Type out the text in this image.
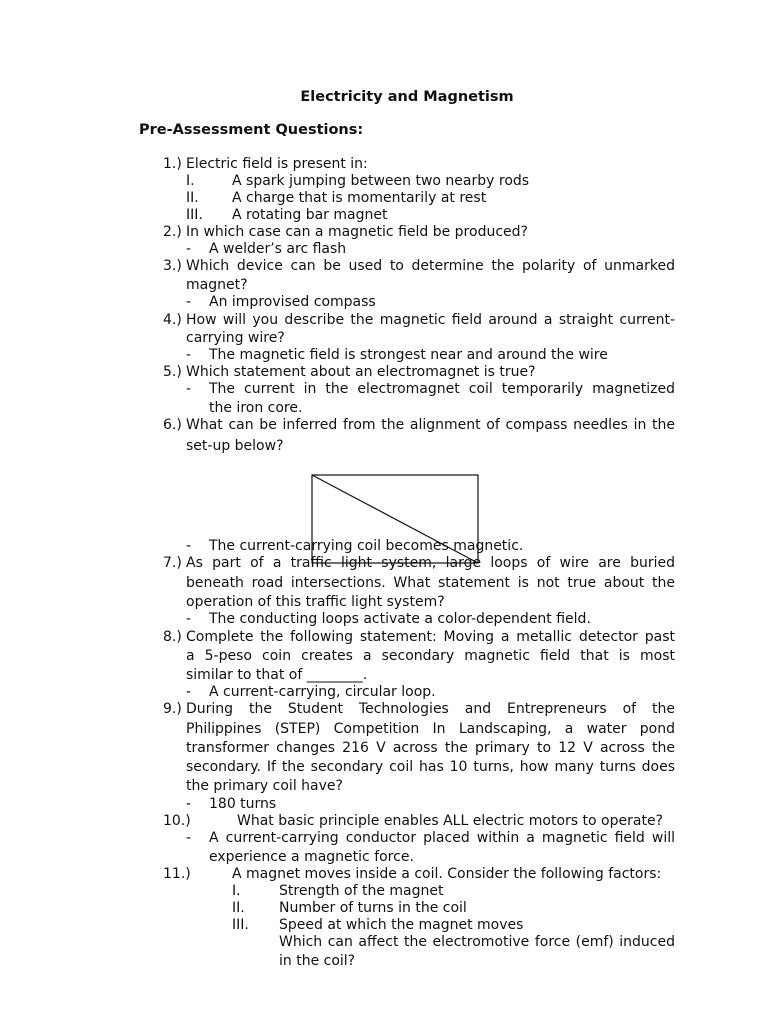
Electricity and Magnetism
Pre-Assessment Questions:
1.) Electric field is present in:
I.	A spark jumping between two nearby rods
II. A charge that is momentarily at rest
III. A rotating bar magnet
2.) In which case can a magnetic field be produced?
- A welder’s arc flash
3.) Which device can be used to determine the polarity of unmarked
magnet?
- An improvised compass
4.) How will you describe the magnetic field around a straight current-
carrying wire?
- The magnetic field is strongest near and around the wire
5.) Which statement about an electromagnet is true?
- The current in the electromagnet coil temporarily magnetized
the iron core.
6.) What can be inferred from the alignment of compass needles in the
set-up below?
- The current-carrying coil becomes magnetic.
7.) As part of a traffic light system, large loops of wire are buried
beneath road intersections. What statement is not true about the
operation of this traffic light system?
- The conducting loops activate a color-dependent field.
8.) Complete the following statement: Moving a metallic detector past
a 5-peso coin creates a secondary magnetic field that is most
similar to that of ________.
- A current-carrying, circular loop.
9.) During the Student Technologies and Entrepreneurs of the
Philippines (STEP) Competition In Landscaping, a water pond
transformer changes 216 V across the primary to 12 V across the
secondary. If the secondary coil has 10 turns, how many turns does
the primary coil have?
- 180 turns
10.)	What basic principle enables ALL electric motors to operate?
- A current-carrying conductor placed within a magnetic field will
experience a magnetic force.
11.)	A magnet moves inside a coil. Consider the following factors:
I.	Strength of the magnet
II. Number of turns in the coil
III. Speed at which the magnet moves
Which can affect the electromotive force (emf) induced
in the coil?
